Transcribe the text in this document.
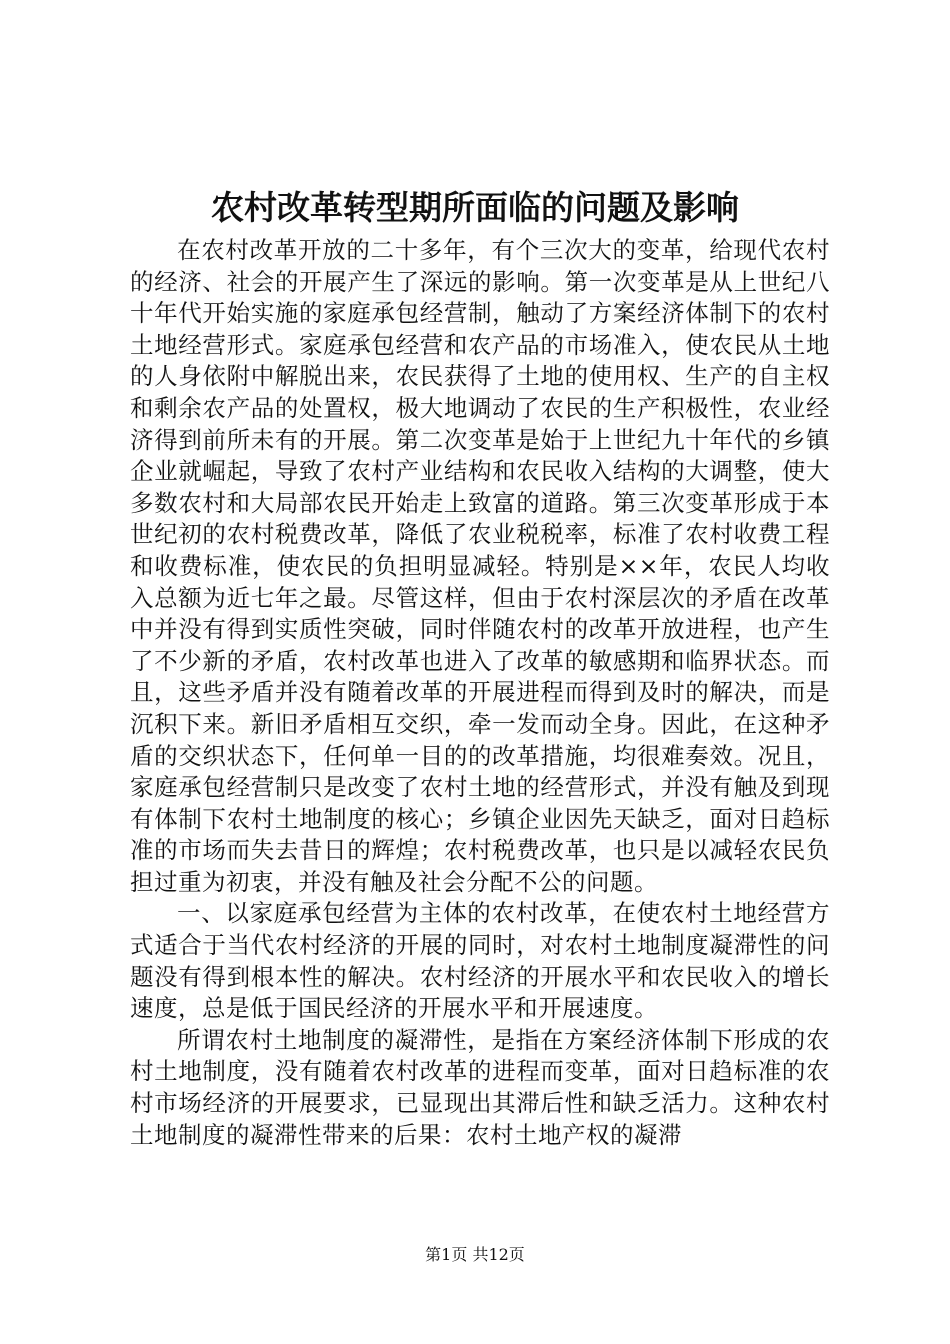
农村改革转型期所面临的问题及影响

在农村改革开放的二十多年，有个三次大的变革，给现代农村的经济、社会的开展产生了深远的影响。第一次变革是从上世纪八十年代开始实施的家庭承包经营制，触动了方案经济体制下的农村土地经营形式。家庭承包经营和农产品的市场准入，使农民从土地的人身依附中解脱出来，农民获得了土地的使用权、生产的自主权和剩余农产品的处置权，极大地调动了农民的生产积极性，农业经济得到前所未有的开展。第二次变革是始于上世纪九十年代的乡镇企业就崛起，导致了农村产业结构和农民收入结构的大调整，使大多数农村和大局部农民开始走上致富的道路。第三次变革形成于本世纪初的农村税费改革，降低了农业税税率，标准了农村收费工程和收费标准，使农民的负担明显减轻。特别是××年，农民人均收入总额为近七年之最。尽管这样，但由于农村深层次的矛盾在改革中并没有得到实质性突破，同时伴随农村的改革开放进程，也产生了不少新的矛盾，农村改革也进入了改革的敏感期和临界状态。而且，这些矛盾并没有随着改革的开展进程而得到及时的解决，而是沉积下来。新旧矛盾相互交织，牵一发而动全身。因此，在这种矛盾的交织状态下，任何单一目的的改革措施，均很难奏效。况且，家庭承包经营制只是改变了农村土地的经营形式，并没有触及到现有体制下农村土地制度的核心；乡镇企业因先天缺乏，面对日趋标准的市场而失去昔日的辉煌；农村税费改革，也只是以减轻农民负担过重为初衷，并没有触及社会分配不公的问题。

一、以家庭承包经营为主体的农村改革，在使农村土地经营方式适合于当代农村经济的开展的同时，对农村土地制度凝滞性的问题没有得到根本性的解决。农村经济的开展水平和农民收入的增长速度，总是低于国民经济的开展水平和开展速度。

所谓农村土地制度的凝滞性，是指在方案经济体制下形成的农村土地制度，没有随着农村改革的进程而变革，面对日趋标准的农村市场经济的开展要求，已显现出其滞后性和缺乏活力。这种农村土地制度的凝滞性带来的后果：农村土地产权的凝滞

第1页 共12页
